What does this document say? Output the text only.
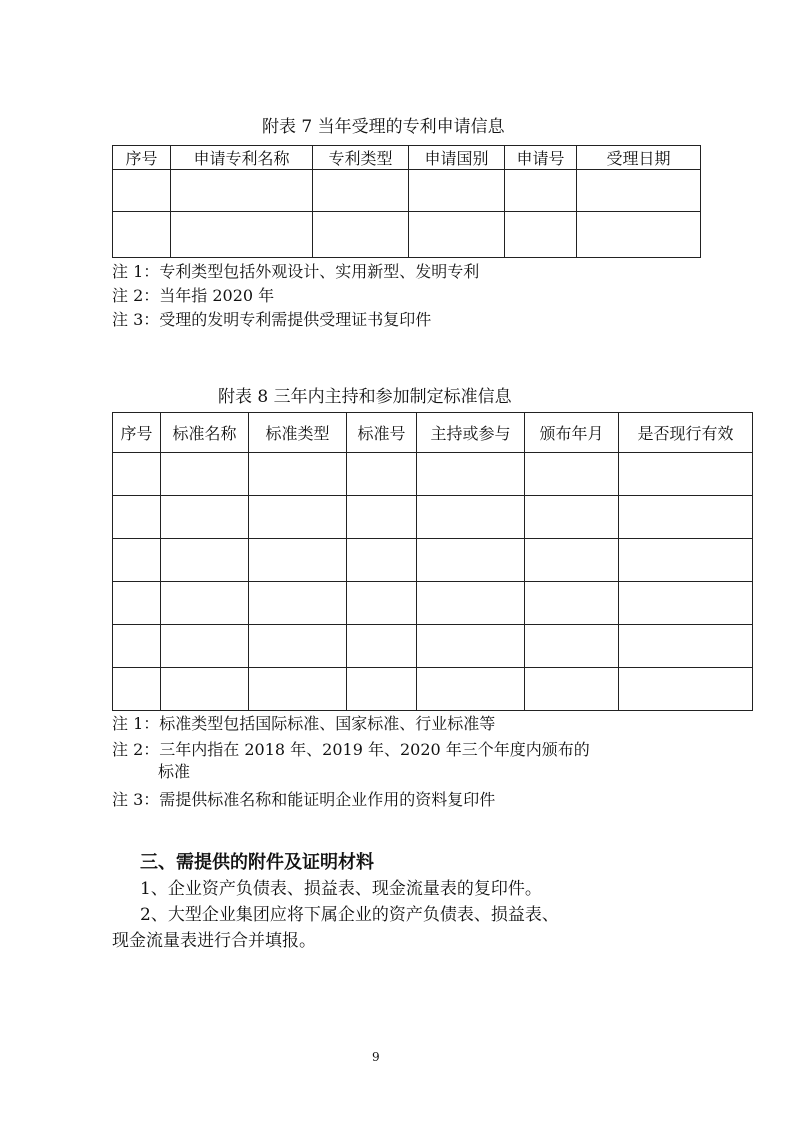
附表 7 当年受理的专利申请信息
序号	申请专利名称	专利类型	申请国别	申请号	受理日期

注 1：专利类型包括外观设计、实用新型、发明专利
注 2：当年指 2020 年
注 3：受理的发明专利需提供受理证书复印件
附表 8 三年内主持和参加制定标准信息
序号	标准名称	标准类型	标准号	主持或参与	颁布年月	是否现行有效

注 1：标准类型包括国际标准、国家标准、行业标准等
注 2：三年内指在 2018 年、2019 年、2020 年三个年度内颁布的
标准
注 3：需提供标准名称和能证明企业作用的资料复印件
三、需提供的附件及证明材料
1、企业资产负债表、损益表、现金流量表的复印件。
2、大型企业集团应将下属企业的资产负债表、损益表、
现金流量表进行合并填报。
9
